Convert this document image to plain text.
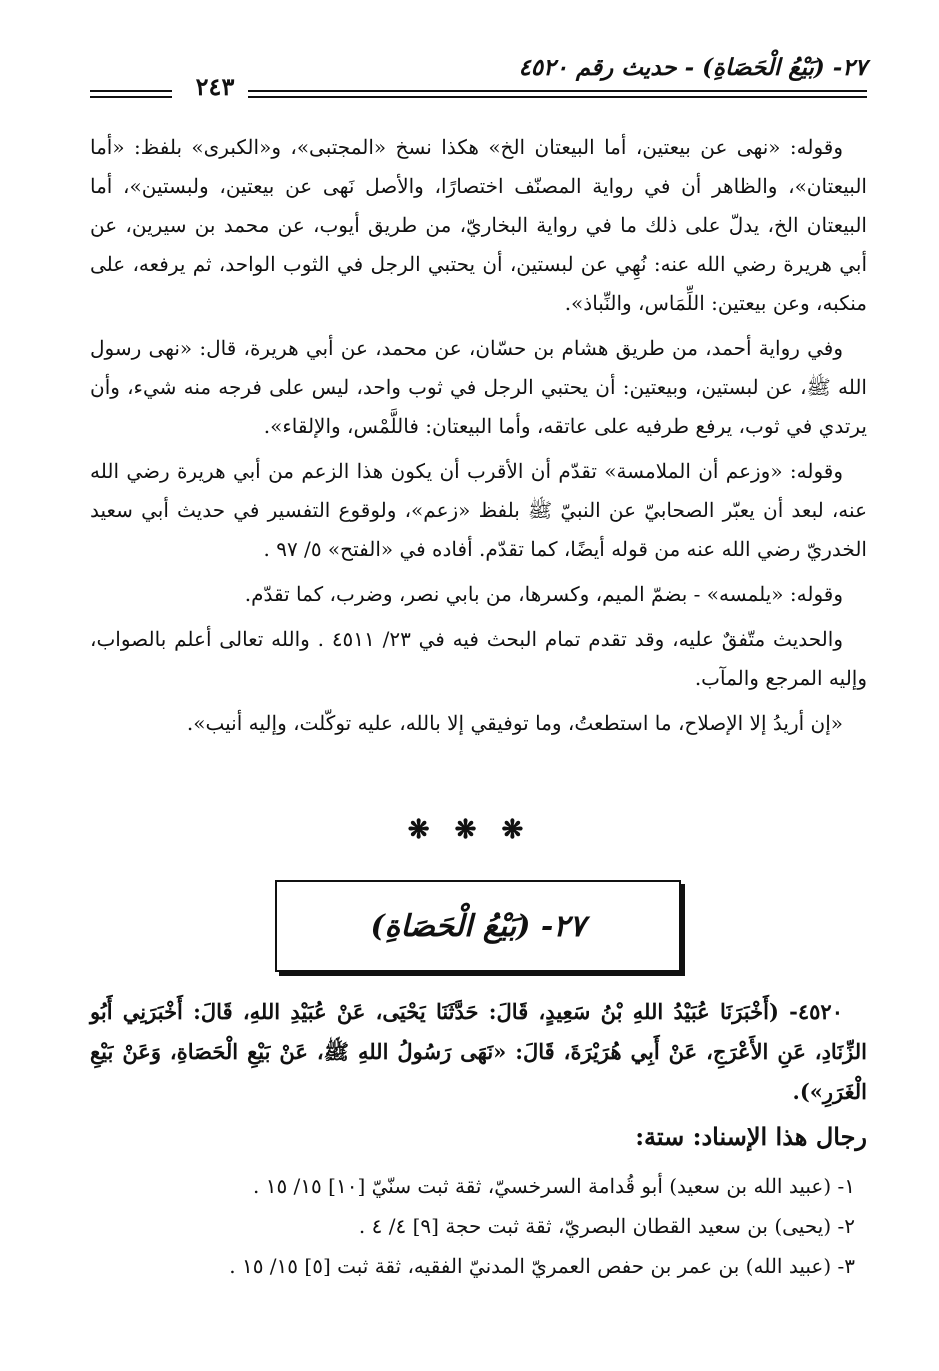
٢٧- (بَيْعُ الْحَصَاةِ) - حديث رقم ٤٥٢٠
٢٤٣

وقوله: «نهى عن بيعتين، أما البيعتان الخ» هكذا نسخ «المجتبى»، و«الكبرى» بلفظ: «أما البيعتان»، والظاهر أن في رواية المصنّف اختصارًا، والأصل نَهى عن بيعتين، ولبستين»، أما البيعتان الخ، يدلّ على ذلك ما في رواية البخاريّ، من طريق أيوب، عن محمد بن سيرين، عن أبي هريرة رضي الله عنه: نُهِي عن لبستين، أن يحتبي الرجل في الثوب الواحد، ثم يرفعه، على منكبه، وعن بيعتين: اللِّمَاس، والنِّباذ».

وفي رواية أحمد، من طريق هشام بن حسّان، عن محمد، عن أبي هريرة، قال: «نهى رسول الله ﷺ، عن لبستين، وبيعتين: أن يحتبي الرجل في ثوب واحد، ليس على فرجه منه شيء، وأن يرتدي في ثوب، يرفع طرفيه على عاتقه، وأما البيعتان: فاللَّمْس، والإلقاء».

وقوله: «وزعم أن الملامسة» تقدّم أن الأقرب أن يكون هذا الزعم من أبي هريرة رضي الله عنه، لبعد أن يعبّر الصحابيّ عن النبيّ ﷺ بلفظ «زعم»، ولوقوع التفسير في حديث أبي سعيد الخدريّ رضي الله عنه من قوله أيضًا، كما تقدّم. أفاده في «الفتح» ٥/ ٩٧ .

وقوله: «يلمسه» - بضمّ الميم، وكسرها، من بابي نصر، وضرب، كما تقدّم.

والحديث متّفقٌ عليه، وقد تقدم تمام البحث فيه في ٢٣/ ٤٥١١ . والله تعالى أعلم بالصواب، وإليه المرجع والمآب.

«إن أريدُ إلا الإصلاح، ما استطعتُ، وما توفيقي إلا بالله، عليه توكّلت، وإليه أنيب».

❋ ❋ ❋
٢٧- (بَيْعُ الْحَصَاةِ)

٤٥٢٠- (أَخْبَرَنَا عُبَيْدُ اللهِ بْنُ سَعِيدٍ، قَالَ: حَدَّثَنَا يَحْيَى، عَنْ عُبَيْدِ اللهِ، قَالَ: أَخْبَرَنِي أَبُو الزِّنَادِ، عَنِ الأَعْرَجِ، عَنْ أَبِي هُرَيْرَةَ، قَالَ: «نَهَى رَسُولُ اللهِ ﷺ، عَنْ بَيْعِ الْحَصَاةِ، وَعَنْ بَيْعِ الْغَرَرِ»).

رجال هذا الإسناد: ستة:

١- (عبيد الله بن سعيد) أبو قُدامة السرخسيّ، ثقة ثبت سنّيّ [١٠] ١٥/ ١٥ .
٢- (يحيى) بن سعيد القطان البصريّ، ثقة ثبت حجة [٩] ٤/ ٤ .
٣- (عبيد الله) بن عمر بن حفص العمريّ المدنيّ الفقيه، ثقة ثبت [٥] ١٥/ ١٥ .
